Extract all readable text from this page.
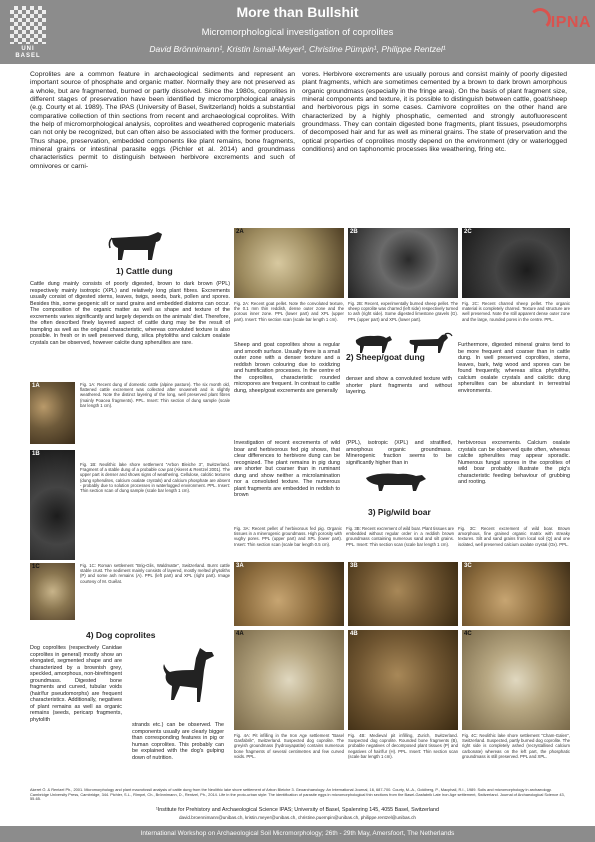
UNI
BASEL
More than Bullshit
Micromorphological investigation of coprolites
David Brönnimann¹, Kristin Ismail-Meyer¹, Christine Pümpin¹, Philippe Rentzel¹
IPNA
Coprolites are a common feature in archaeological sediments and represent an important source of phosphate and organic matter. Normally they are not preserved as a whole, but are fragmented, burned or partly dissolved. Since the 1980s, coprolites in different stages of preservation have been identified by micromorphological analysis (e.g. Courty et al. 1989). The IPAS (University of Basel, Switzerland) holds a substantial comparative collection of thin sections from recent and archaeological coprolites. With the help of micromorphological analysis, coprolites and weathered coprogenic materials can not only be recognized, but can often also be associated with the former producers. Thus shape, preservation, embedded components like plant remains, bone fragments, mineral grains or intestinal parasite eggs (Pichler et al. 2014) and groundmass characteristics permit to distinguish between herbivore excrements and such of omnivores or carni-
vores. Herbivore excrements are usually porous and consist mainly of poorly digested plant fragments, which are sometimes cemented by a brown to dark brown amorphous organic groundmass (especially in the fringe area). On the basis of plant fragment size, mineral components and texture, it is possible to distinguish between cattle, goat/sheep and herbivorous pigs in some cases. Carnivore coprolites on the other hand are characterized by a highly phosphatic, cemented and strongly autofluorescent groundmass. They can contain digested bone fragments, plant tissues, pseudomorphs of decomposed hair and fur as well as mineral grains. The state of preservation and the optical properties of coprolites mostly depend on the environment (dry or waterlogged conditions) and on taphonomic processes like weathering, firing etc.
1) Cattle dung
Cattle dung mainly consists of poorly digested, brown to dark brown (PPL) respectively mainly isotropic (XPL) and relatively long plant fibres. Excrements usually consist of digested stems, leaves, twigs, seeds, bark, pollen and spores. Besides this, some geogenic silt or sand grains and embedded diatoms can occur. The composition of the organic matter as well as shape and texture of the excrements varies significantly and largely depends on the animals' diet. Therefore, the often described finely layered aspect of cattle dung may be the result of trampling as well as the original characteristic, whereas convoluted texture is also possible. In fresh or in well preserved dung, silica phytoliths and calcium oxalate crystals can be observed, however calcite dung spherulites are rare.
1A	Fig. 1A: Recent dung of domestic cattle (alpine pasture). The six month old, flattened cattle excrement was collected after snowmelt and is slightly weathered. Note the distinct layering of the long, well preserved plant fibres (mainly Poacea fragments). PPL. Insert: Thin section of dung sample (scale bar length 1 cm).
1B
Fig. 1B: Neolithic lake shore settlement "Arbon Bleiche 3", Switzerland. Fragment of a stable dung of a probable cow pat (Akeret & Rentzel 2001). The upper part is denser and shows signs of weathering. Cellulose, calcitic textures (dung spherulites, calcium oxalate crystals) and calcium phosphate are absent - probably due to solution processes in waterlogged environment. PPL. Insert: Thin section scan of dung sample (scale bar length 1 cm).
1C	Fig. 1C: Roman settlement "Brig-Glis, Waldmatte", Switzerland. Burnt cattle stable crust. The sediment mainly consists of layered, mostly melted phytoliths (P) and some ash remains (A). PPL (left part) and XPL (right part). Image courtesy of M. Guélat.
2A
Fig. 2A: Recent goat pellet. Note the convoluted texture, the 0.1 mm thin reddish, dense outer zone and the porous inner zone. PPL (lower part) and XPL (upper part). Insert: Thin section scan (scale bar length 1 cm).
2B
Fig. 2B: Recent, experimentally burned sheep pellet. The sheep coprolite was charred (left side) respectively turned to ash (right side). Some digested limestone gravels (G). PPL (upper part) and XPL (lower part).
2C
Fig. 2C: Recent charred sheep pellet. The organic material is completely charred. Texture and structure are well preserved. Note the still apparent dense outer zone and the large, rounded pores in the centre. PPL.
Sheep and goat coprolites show a regular and smooth surface. Usually there is a small outer zone with a denser texture and a reddish brown colouring due to oxidizing and humification processes. In the centre of the coprolites, characteristic rounded micropores are frequent. In contrast to cattle dung, sheep/goat excrements are generally
2) Sheep/goat dung
denser and show a convoluted texture with shorter plant fragments and without layering.
Furthermore, digested mineral grains tend to be more frequent and coarser than in cattle dung. In well preserved coprolites, stems, leaves, bark, twig wood and spores can be found frequently, whereas silica phytoliths, calcium oxalate crystals and calcitic dung spherulites can be abundant in terrestrial environments.
Investigation of recent excrements of wild boar and herbivorous fed pig shows, that clear differences to herbivore dung can be recognized. The plant remains in pig dung are shorter but coarser than in ruminant dung and show neither a microlamination nor a convoluted texture. The numerous plant fragments are embedded in reddish to brown
(PPL), isotropic (XPL) and stratified, amorphous organic groundmass. Minerogenic fraction seems to be significantly higher than in
3) Pig/wild boar
herbivorous excrements. Calcium oxalate crystals can be observed quite often, whereas calcite spherulites may appear sporadic. Numerous fungal spores in the coprolites of wild boar probably illustrate the pig's characteristic feeding behaviour of grubbing and rooting.
Fig. 3A: Recent pellet of herbivorous fed pig. Organic tissues in a minerogenic groundmass. High porosity with vughy pores. PPL (upper part) and XPL (lower part). Insert: Thin section scan (scale bar length 0.5 cm).
Fig. 3B: Recent excrement of wild boar. Plant tissues are embedded without regular order in a reddish brown groundmass containing numerous sand and silt grains. PPL. Insert: Thin section scan (scale bar length 1 cm).
Fig. 3C: Recent excrement of wild boar. Brown amorphous, fine grained organic matrix with streaky textures. Silt and sand grains from local soil (Q) and one isolated, well preserved calcium oxalate crystal (Ox). PPL.
3A	3B	3C
4) Dog coprolites
Dog coprolites (respectively Canidae coprolites in general) mostly show an elongated, segmented shape and are characterized by a brownish grey, speckled, amorphous, non-birefringent groundmass. Digested bone fragments and curved, tubular voids (hair/fur pseudomorphs) are frequent characteristics. Additionally, negatives of plant remains as well as organic remains (seeds, pericarp fragments, phytolith
strands etc.) can be observed. The components usually are clearly bigger than corresponding features in pig or human coprolites. This probably can be explained with the dog's gulping down of nutrition.
4A
Fig. 4A: Pit infilling in the Iron Age settlement "Basel Gasfabrik", Switzerland. Suspected dog coprolite. The greyish groundmass (hydroxyapatite) contains numerous bone fragments of several centimetres and few curved voids. PPL.
4B
Fig. 4B: Medieval pit infilling, Zurich, Switzerland. Suspected dog coprolite. Rounded bone fragments (B), probable negatives of decomposed plant tissues (P) and negatives of hair/fur (H). PPL. Insert: Thin section scan (scale bar length 1 cm).
4C
Fig. 4C: Neolithic lake shore settlement "Cham-Galen", Switzerland. Suspected, partly burned dog coprolite. The right side is completely ashed (recrystallised calcium carbonate) whereas on the left part, the phosphatic groundmass is still preserved. PPL and XPL.
Akeret Ö. & Rentzel Ph., 2001. Micromorphology and plant macrofossil analysis of cattle dung from the Neolithic lake shore settlement of Arbon Bleiche 3. Geoarchaeology: An International Journal, 16, 687-700. Courty, M.-A., Goldberg, P., Macphail, R.I., 1989. Soils and micromorphology in archaeology. Cambridge University Press, Cambridge, 344. Pichler, S.L., Rimpel, Ch., Brönnimann, D., Rentzel, Ph., 2014. Life in the proto-urban style: The identification of parasite eggs in micromorphological thin sections from the Basel-Gasfabrik Late Iron Age settlement, Switzerland. Journal of Archaeological Science 43, 55-65.
¹Institute for Prehistory and Archaeological Science IPAS; University of Basel, Spalenring 145, 4055 Basel, Switzerland
david.broennimann@unibas.ch, kristin.meyer@unibas.ch, christine.puempin@unibas.ch, philippe.rentzel@unibas.ch
International Workshop on Archaeological Soil Micromorphology; 26th - 29th May, Amersfoort, The Netherlands
